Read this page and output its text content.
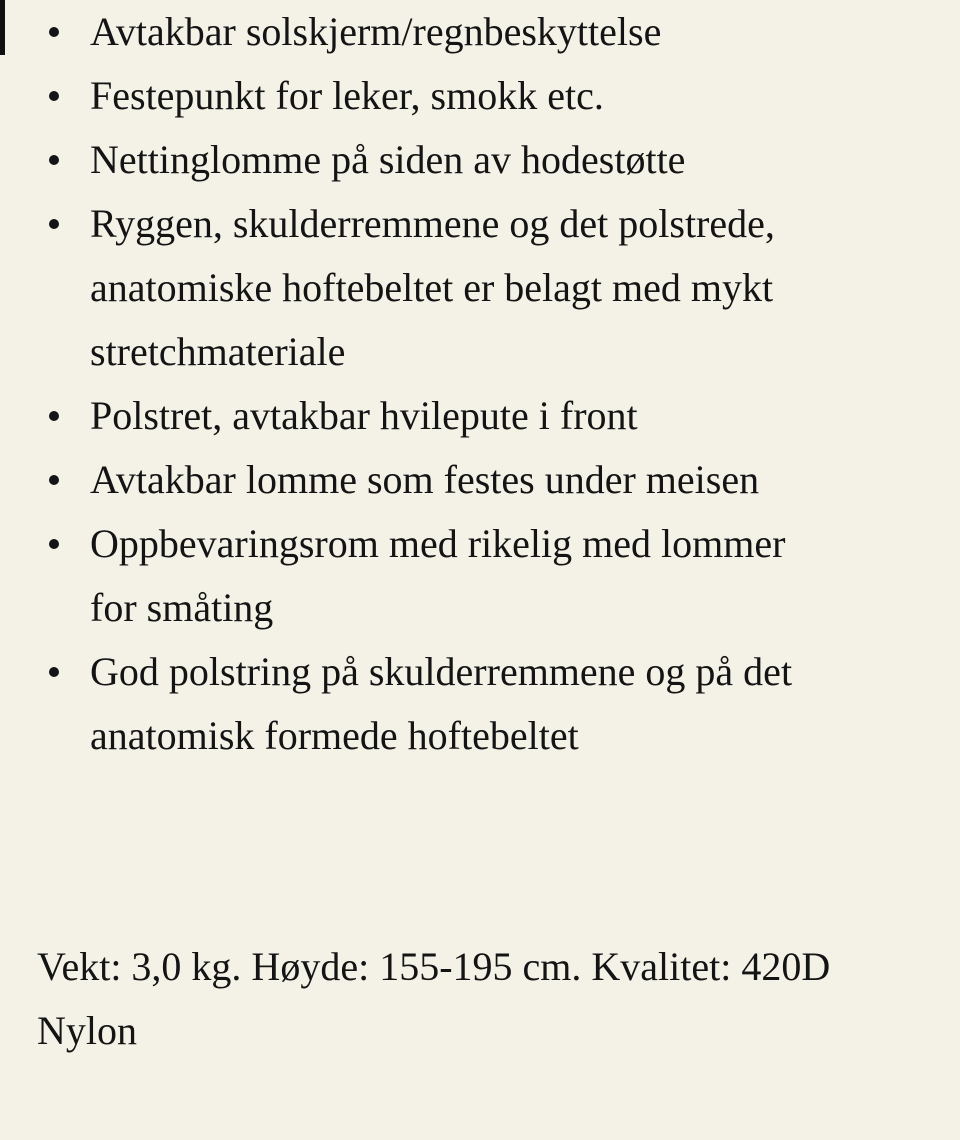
Avtakbar solskjerm/regnbeskyttelse
Festepunkt for leker, smokk etc.
Nettinglomme på siden av hodestøtte
Ryggen, skulderremmene og det polstrede,
anatomiske hoftebeltet er belagt med mykt
stretchmateriale
Polstret, avtakbar hvilepute i front
Avtakbar lomme som festes under meisen
Oppbevaringsrom med rikelig med lommer
for småting
God polstring på skulderremmene og på det
anatomisk formede hoftebeltet
Vekt: 3,0 kg. Høyde: 155-195 cm. Kvalitet: 420D
Nylon
